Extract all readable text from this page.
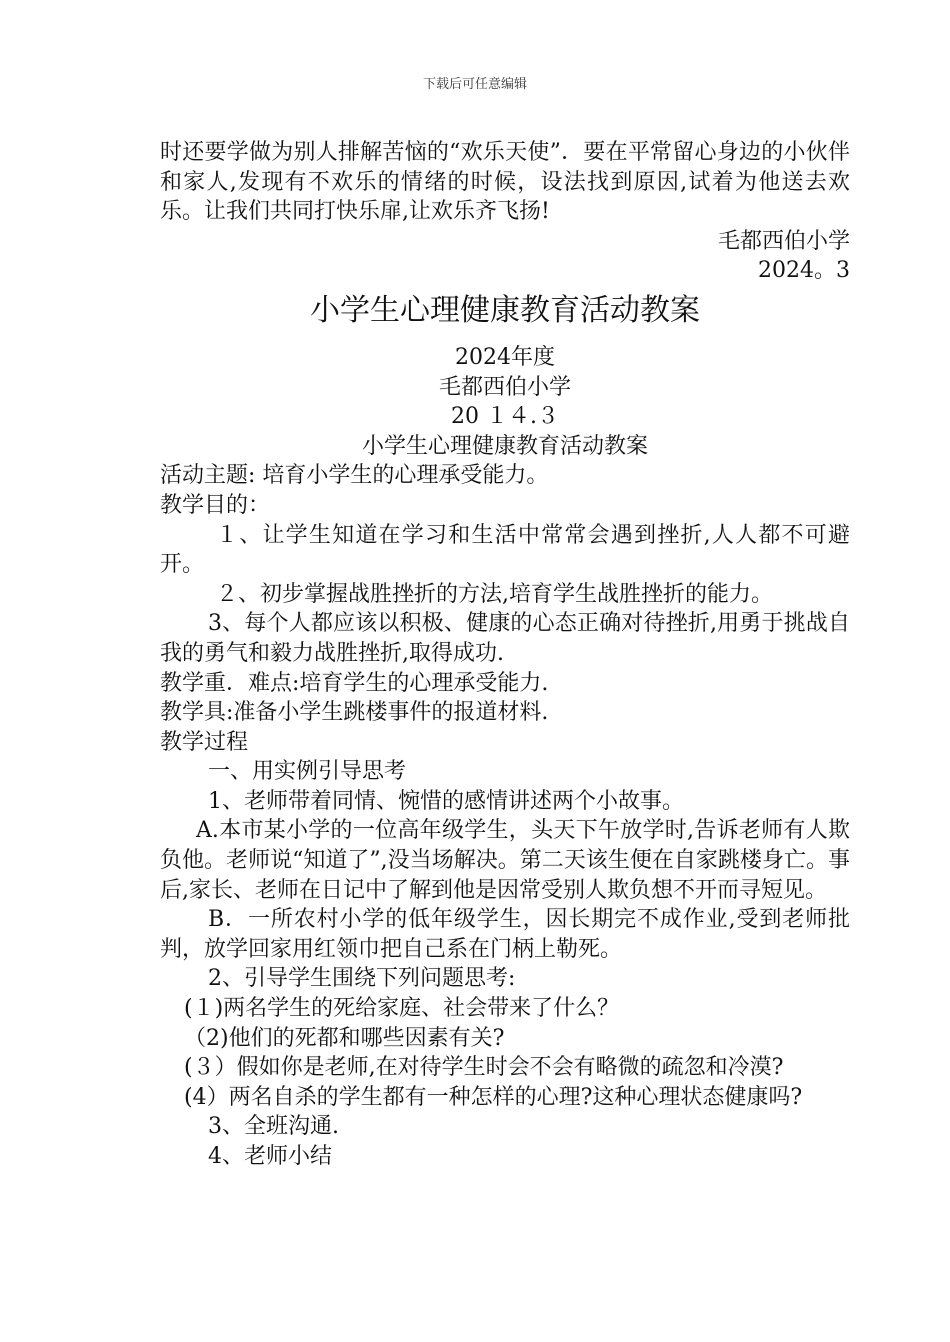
下载后可任意编辑

时还要学做为别人排解苦恼的“欢乐天使”．要在平常留心身边的小伙伴和家人,发现有不欢乐的情绪的时候，设法找到原因,试着为他送去欢乐。让我们共同打快乐扉,让欢乐齐飞扬!

毛都西伯小学
2024。3
小学生心理健康教育活动教案
2024年度
毛都西伯小学
20 １４.３
小学生心理健康教育活动教案

活动主题: 培育小学生的心理承受能力。

教学目的：

１、让学生知道在学习和生活中常常会遇到挫折,人人都不可避开。

２、初步掌握战胜挫折的方法,培育学生战胜挫折的能力。

3、每个人都应该以积极、健康的心态正确对待挫折,用勇于挑战自我的勇气和毅力战胜挫折,取得成功.

教学重．难点:培育学生的心理承受能力.

教学具:准备小学生跳楼事件的报道材料.

教学过程

一、用实例引导思考

1、老师带着同情、惋惜的感情讲述两个小故事。

A.本市某小学的一位高年级学生，头天下午放学时,告诉老师有人欺负他。老师说“知道了”,没当场解决。第二天该生便在自家跳楼身亡。事后,家长、老师在日记中了解到他是因常受别人欺负想不开而寻短见。

B．一所农村小学的低年级学生，因长期完不成作业,受到老师批判，放学回家用红领巾把自己系在门柄上勒死。

2、引导学生围绕下列问题思考:

(１)两名学生的死给家庭、社会带来了什么？

（2)他们的死都和哪些因素有关?

(３）假如你是老师,在对待学生时会不会有略微的疏忽和冷漠?

(4）两名自杀的学生都有一种怎样的心理?这种心理状态健康吗?

3、全班沟通.

4、老师小结
